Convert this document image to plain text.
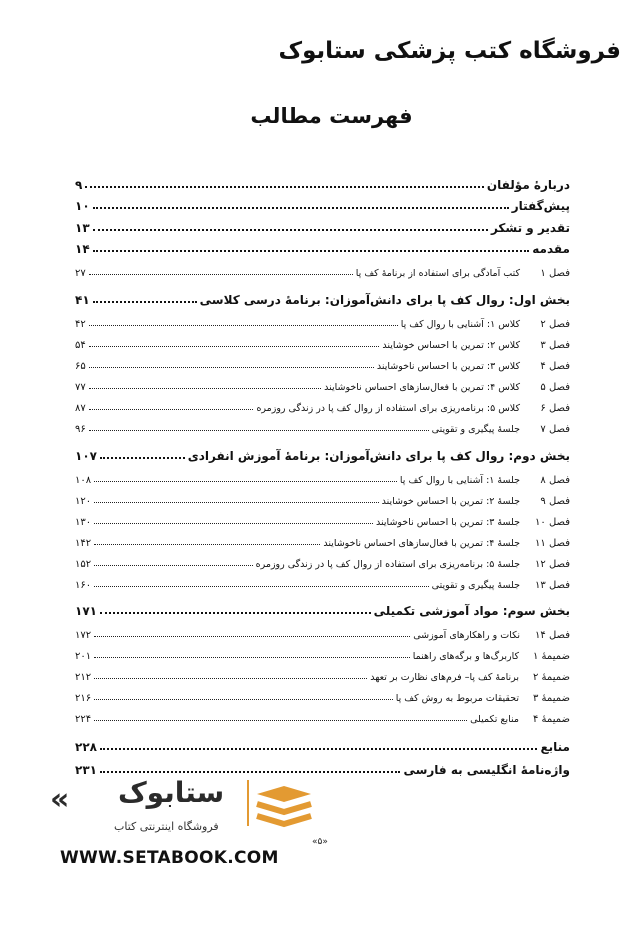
فروشگاه کتب پزشکی ستابوک
فهرست مطالب
دربارهٔ مؤلفان
۹
پیش‌گفتار
۱۰
تقدیر و تشکر
۱۳
مقدمه
۱۴
فصل ۱
کتب آمادگی برای استفاده از برنامهٔ کف پا
۲۷
بخش اول: روال کف پا برای دانش‌آموزان: برنامهٔ درسی کلاسی
۴۱
فصل ۲
کلاس ۱: آشنایی با روال کف پا
۴۲
فصل ۳
کلاس ۲: تمرین با احساس خوشایند
۵۴
فصل ۴
کلاس ۳: تمرین با احساس ناخوشایند
۶۵
فصل ۵
کلاس ۴: تمرین با فعال‌سازهای احساس ناخوشایند
۷۷
فصل ۶
کلاس ۵: برنامه‌ریزی برای استفاده از روال کف پا در زندگی روزمره
۸۷
فصل ۷
جلسهٔ پیگیری و تقویتی
۹۶
بخش دوم: روال کف پا برای دانش‌آموزان: برنامهٔ آموزش انفرادی
۱۰۷
فصل ۸
جلسهٔ ۱: آشنایی با روال کف پا
۱۰۸
فصل ۹
جلسهٔ ۲: تمرین با احساس خوشایند
۱۲۰
فصل ۱۰
جلسهٔ ۳: تمرین با احساس ناخوشایند
۱۳۰
فصل ۱۱
جلسهٔ ۴: تمرین با فعال‌سازهای احساس ناخوشایند
۱۴۲
فصل ۱۲
جلسهٔ ۵: برنامه‌ریزی برای استفاده از روال کف پا در زندگی روزمره
۱۵۲
فصل ۱۳
جلسهٔ پیگیری و تقویتی
۱۶۰
بخش سوم: مواد آموزشی تکمیلی
۱۷۱
فصل ۱۴
نکات و راهکارهای آموزشی
۱۷۲
ضمیمهٔ ۱
کاربرگ‌ها و برگه‌های راهنما
۲۰۱
ضمیمهٔ ۲
برنامهٔ کف پا– فرم‌های نظارت بر تعهد
۲۱۲
ضمیمهٔ ۳
تحقیقات مربوط به روش کف پا
۲۱۶
ضمیمهٔ ۴
منابع تکمیلی
۲۲۴
منابع
۲۲۸
واژه‌نامهٔ انگلیسی به فارسی
۲۳۱
« ستابوک
فروشگاه اینترنتی کتاب
WWW.SETABOOK.COM
«۵»
